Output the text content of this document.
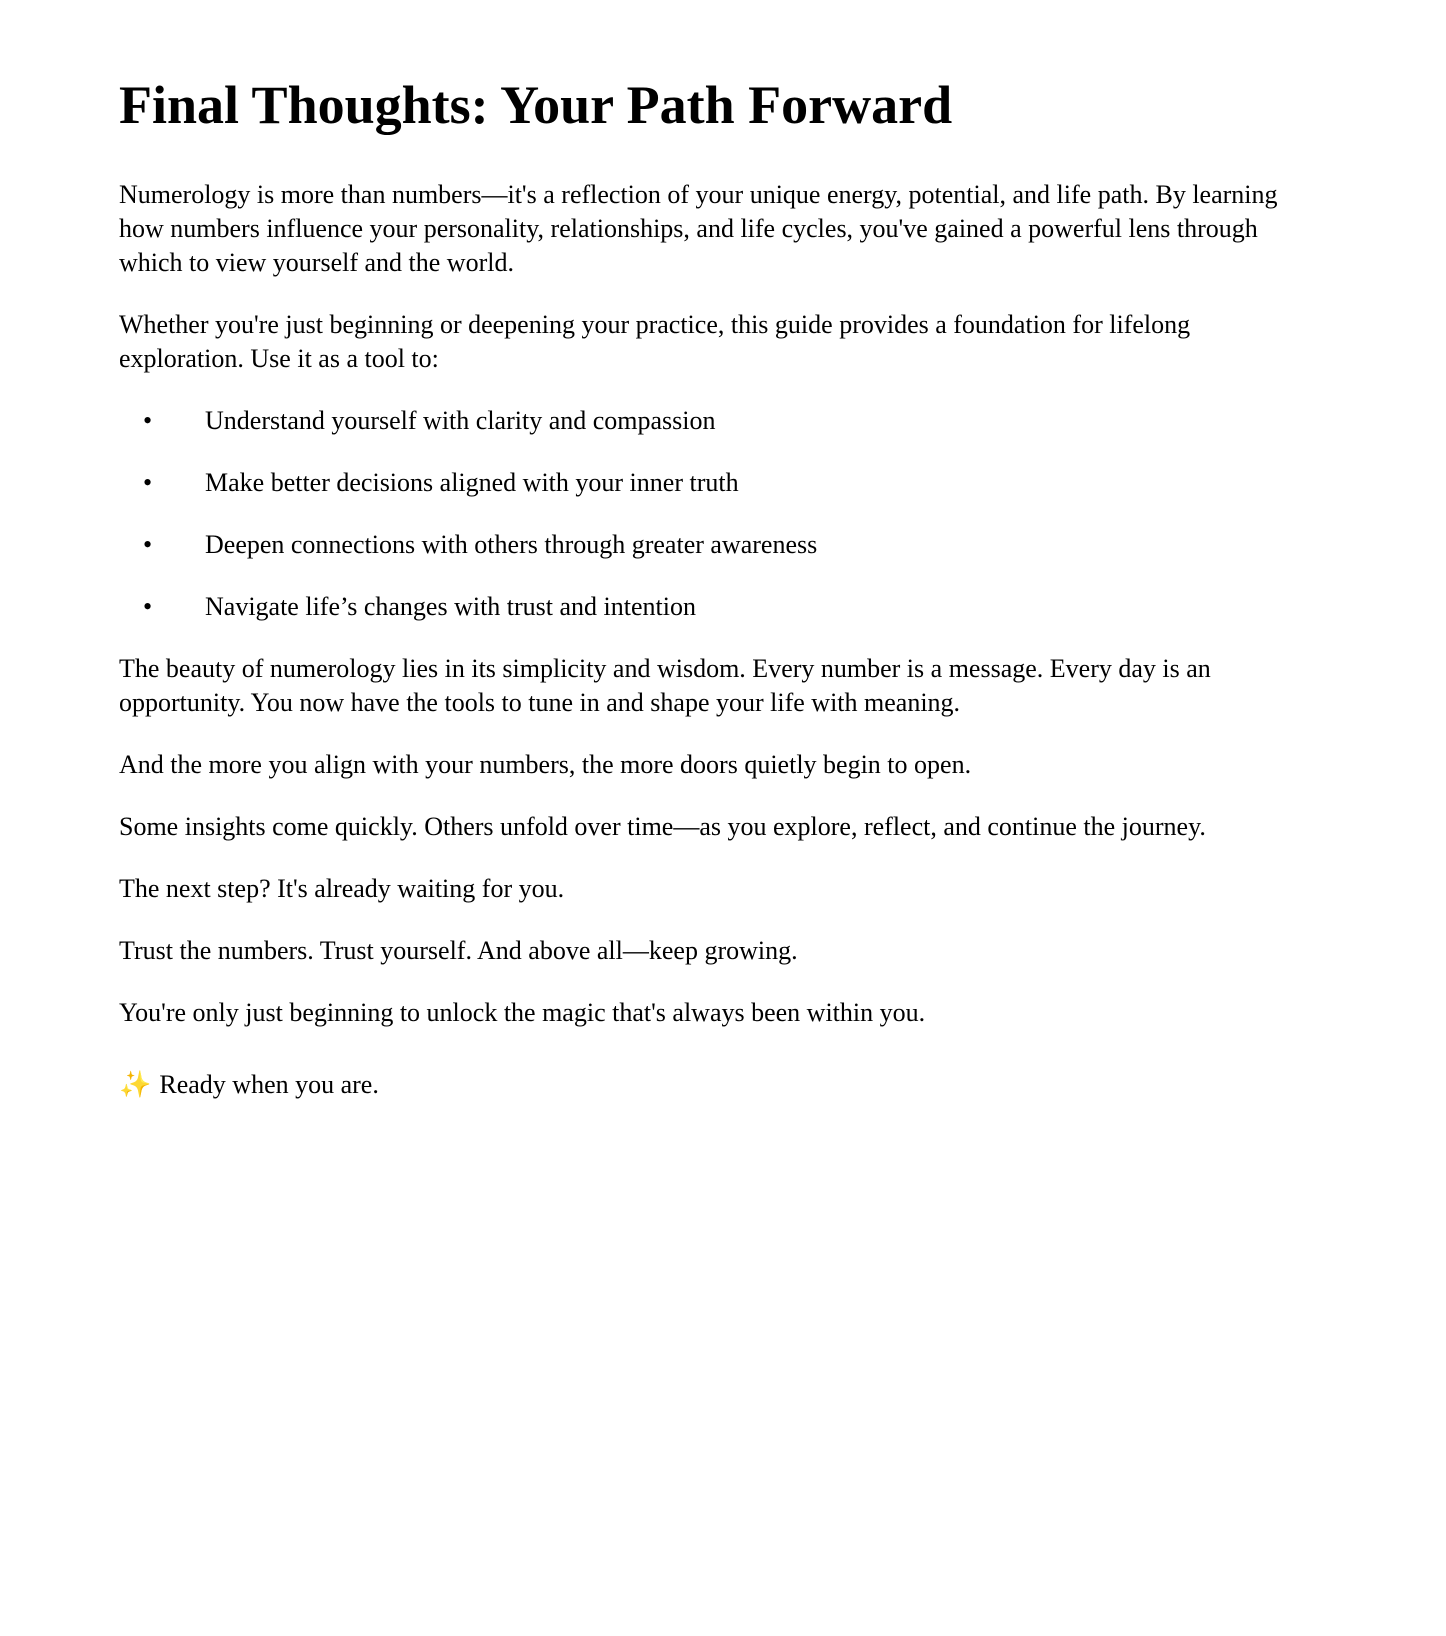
Final Thoughts: Your Path Forward

Numerology is more than numbers—it's a reflection of your unique energy, potential, and life path. By learning how numbers influence your personality, relationships, and life cycles, you've gained a powerful lens through which to view yourself and the world.

Whether you're just beginning or deepening your practice, this guide provides a foundation for lifelong exploration. Use it as a tool to:

• Understand yourself with clarity and compassion
• Make better decisions aligned with your inner truth
• Deepen connections with others through greater awareness
• Navigate life’s changes with trust and intention

The beauty of numerology lies in its simplicity and wisdom. Every number is a message. Every day is an opportunity. You now have the tools to tune in and shape your life with meaning.

And the more you align with your numbers, the more doors quietly begin to open.

Some insights come quickly. Others unfold over time—as you explore, reflect, and continue the journey.

The next step? It's already waiting for you.

Trust the numbers. Trust yourself. And above all—keep growing.

You're only just beginning to unlock the magic that's always been within you.

✨ Ready when you are.
